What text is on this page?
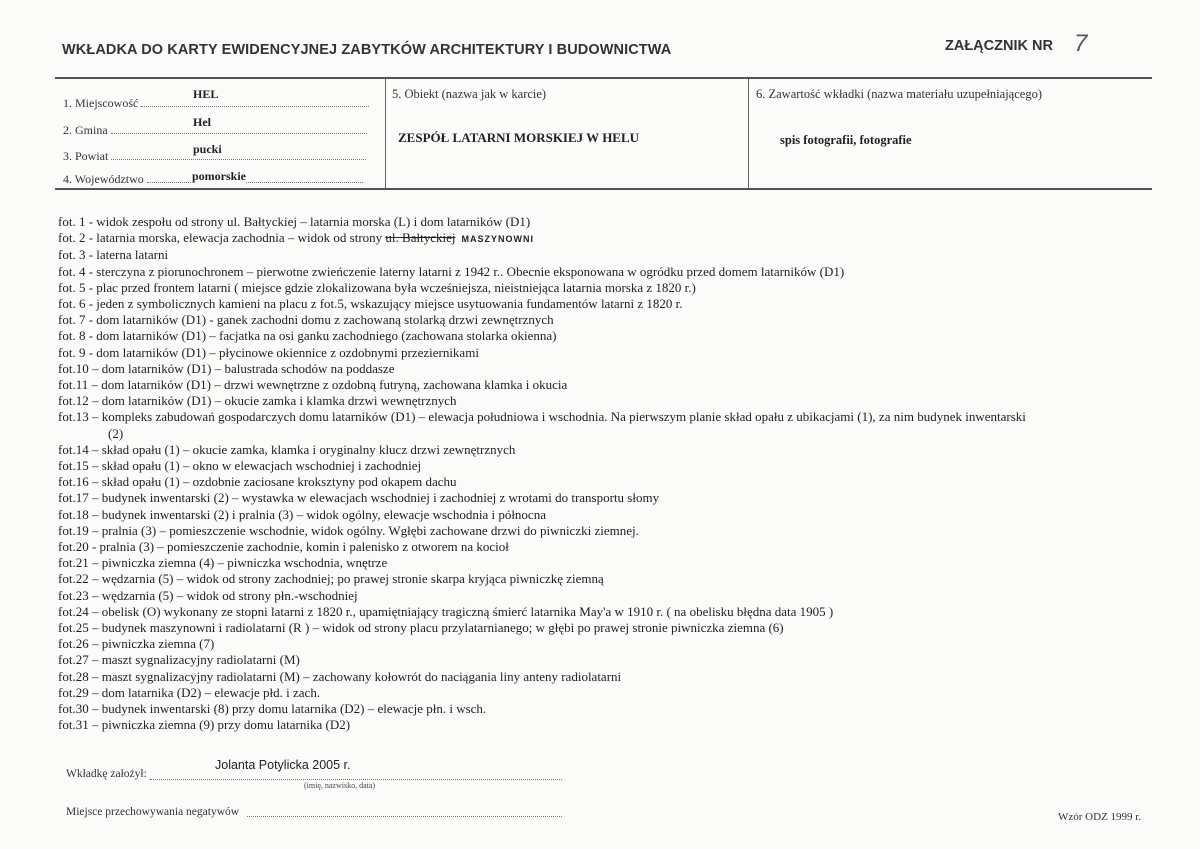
WKŁADKA DO KARTY EWIDENCYJNEJ ZABYTKÓW ARCHITEKTURY I BUDOWNICTWA	ZAŁĄCZNIK NR 7
1. Miejscowość
HEL
2. Gmina
Hel
3. Powiat	pucki
4. Województwo	pomorskie
5. Obiekt (nazwa jak w karcie)
ZESPÓŁ LATARNI MORSKIEJ W HELU
6. Zawartość wkładki (nazwa materiału uzupełniającego)
spis fotografii, fotografie
fot. 1 - widok zespołu od strony ul. Bałtyckiej – latarnia morska (L) i dom latarników (D1)
fot. 2 - latarnia morska, elewacja zachodnia – widok od strony ul. Bałtyckiej MASZYNOWNI
fot. 3 - laterna latarni
fot. 4 - sterczyna z piorunochronem – pierwotne zwieńczenie laterny latarni z 1942 r.. Obecnie eksponowana w ogródku przed domem latarników (D1)
fot. 5 - plac przed frontem latarni ( miejsce gdzie zlokalizowana była wcześniejsza, nieistniejąca latarnia morska z 1820 r.)
fot. 6 - jeden z symbolicznych kamieni na placu z fot.5, wskazujący miejsce usytuowania fundamentów latarni z 1820 r.
fot. 7 - dom latarników (D1) - ganek zachodni domu z zachowaną stolarką drzwi zewnętrznych
fot. 8 - dom latarników (D1) – facjatka na osi ganku zachodniego (zachowana stolarka okienna)
fot. 9 - dom latarników (D1) – płycinowe okiennice z ozdobnymi przeziernikami
fot.10 – dom latarników (D1) – balustrada schodów na poddasze
fot.11 – dom latarników (D1) – drzwi wewnętrzne z ozdobną futryną, zachowana klamka i okucia
fot.12 – dom latarników (D1) – okucie zamka i klamka drzwi wewnętrznych
fot.13 – kompleks zabudowań gospodarczych domu latarników (D1) – elewacja południowa i wschodnia. Na pierwszym planie skład opału z ubikacjami (1), za nim budynek inwentarski
(2)
fot.14 – skład opału (1) – okucie zamka, klamka i oryginalny klucz drzwi zewnętrznych
fot.15 – skład opału (1) – okno w elewacjach wschodniej i zachodniej
fot.16 – skład opału (1) – ozdobnie zaciosane kroksztyny pod okapem dachu
fot.17 – budynek inwentarski (2) – wystawka w elewacjach wschodniej i zachodniej z wrotami do transportu słomy
fot.18 – budynek inwentarski (2) i pralnia (3) – widok ogólny, elewacje wschodnia i północna
fot.19 – pralnia (3) – pomieszczenie wschodnie, widok ogólny. Wgłębi zachowane drzwi do piwniczki ziemnej.
fot.20 - pralnia (3) – pomieszczenie zachodnie, komin i palenisko z otworem na kocioł
fot.21 – piwniczka ziemna (4) – piwniczka wschodnia, wnętrze
fot.22 – wędzarnia (5) – widok od strony zachodniej; po prawej stronie skarpa kryjąca piwniczkę ziemną
fot.23 – wędzarnia (5) – widok od strony płn.-wschodniej
fot.24 – obelisk (O) wykonany ze stopni latarni z 1820 r., upamiętniający tragiczną śmierć latarnika May'a w 1910 r. ( na obelisku błędna data 1905 )
fot.25 – budynek maszynowni i radiolatarni (R ) – widok od strony placu przylatarnianego; w głębi po prawej stronie piwniczka ziemna (6)
fot.26 – piwniczka ziemna (7)
fot.27 – maszt sygnalizacyjny radiolatarni (M)
fot.28 – maszt sygnalizacyjny radiolatarni (M) – zachowany kołowrót do naciągania liny anteny radiolatarni
fot.29 – dom latarnika (D2) – elewacje płd. i zach.
fot.30 – budynek inwentarski (8) przy domu latarnika (D2) – elewacje płn. i wsch.
fot.31 – piwniczka ziemna (9) przy domu latarnika (D2)
Jolanta Potylicka 2005 r.
Wkładkę założył:
(imię, nazwisko, data)
Miejsce przechowywania negatywów	Wzór ODZ 1999 r.
